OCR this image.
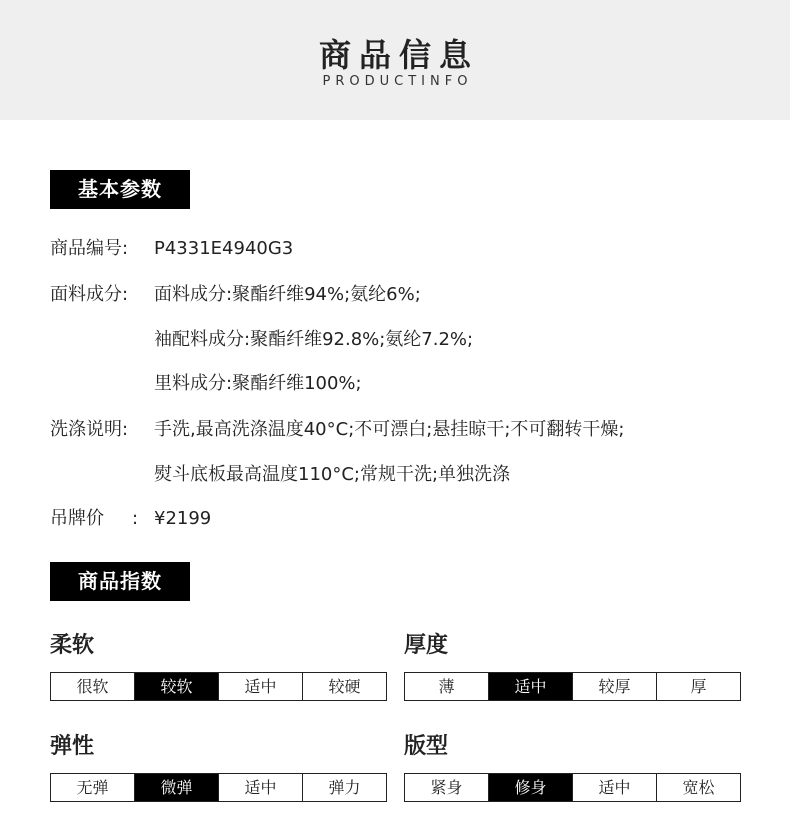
商品信息
PRODUCTINFO
基本参数
商品编号: P4331E4940G3
面料成分: 面料成分:聚酯纤维94%;氨纶6%;
袖配料成分:聚酯纤维92.8%;氨纶7.2%;
里料成分:聚酯纤维100%;
洗涤说明: 手洗,最高洗涤温度40°C;不可漂白;悬挂晾干;不可翻转干燥;
熨斗底板最高温度110°C;常规干洗;单独洗涤
吊牌价 : ¥2199
商品指数
柔软
很软	较软	适中	较硬
厚度
薄	适中	较厚	厚
弹性
无弹	微弹	适中	弹力
版型
紧身	修身	适中	宽松
